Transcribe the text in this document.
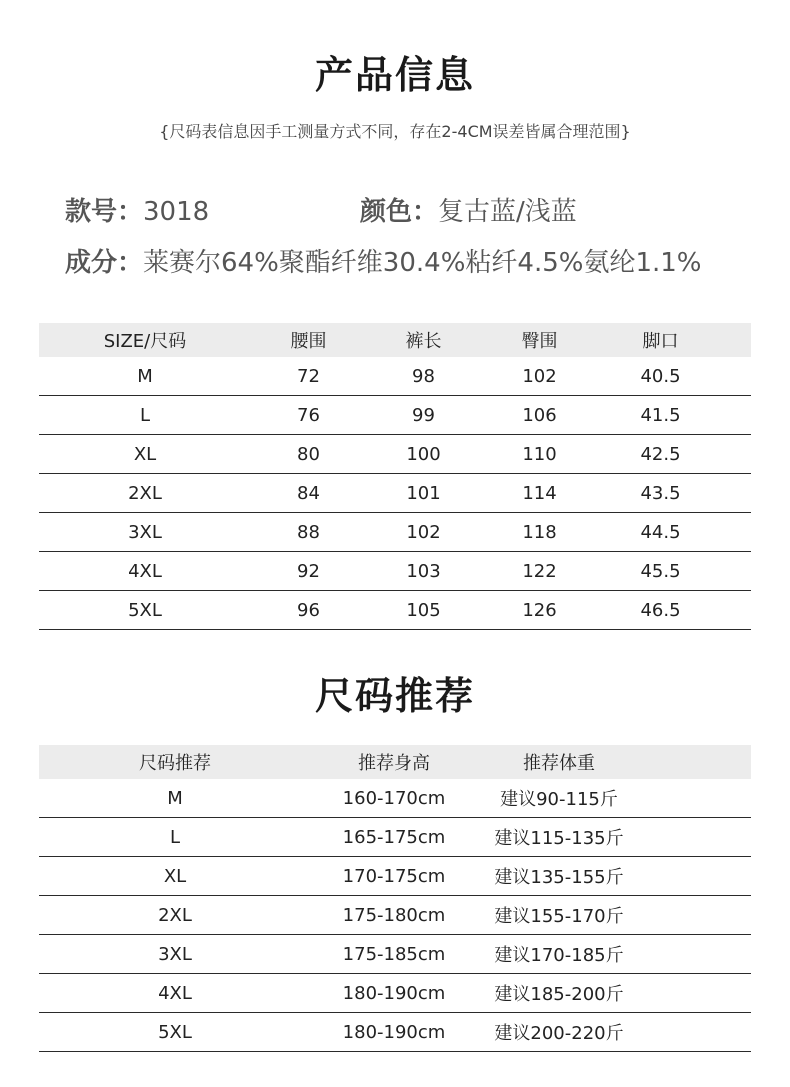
产品信息
{尺码表信息因手工测量方式不同，存在2-4CM误差皆属合理范围}
款号：3018	颜色：复古蓝/浅蓝
成分：莱赛尔64%聚酯纤维30.4%粘纤4.5%氨纶1.1%
SIZE/尺码	腰围	裤长	臀围	脚口	
M	72	98	102	40.5	
L	76	99	106	41.5	
XL	80	100	110	42.5	
2XL	84	101	114	43.5	
3XL	88	102	118	44.5	
4XL	92	103	122	45.5	
5XL	96	105	126	46.5	
尺码推荐
尺码推荐	推荐身高	推荐体重	
M	160-170cm	建议90-115斤	
L	165-175cm	建议115-135斤	
XL	170-175cm	建议135-155斤	
2XL	175-180cm	建议155-170斤	
3XL	175-185cm	建议170-185斤	
4XL	180-190cm	建议185-200斤	
5XL	180-190cm	建议200-220斤	
